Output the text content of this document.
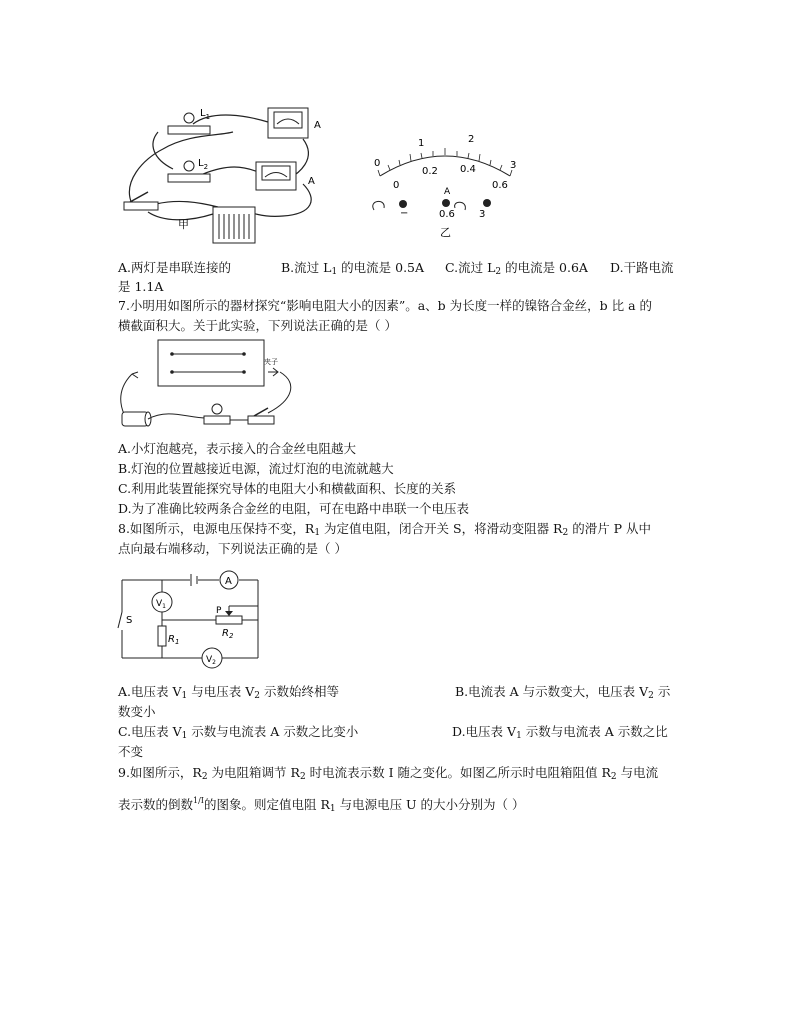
$L_1$
$L_2$
A
A
甲
0
1	2
3
0
0.2 0.4
0.6
−
A
0.6 3
乙
A.两灯是串联连接的	B.流过 $L_1$ 的电流是 0.5A C.流过 $L_2$ 的电流是 0.6A D.干路电流
是 1.1A
7.小明用如图所示的器材探究“影响电阻大小的因素”。a、b 为长度一样的镍铬合金丝，b 比 a 的
横截面积大。关于此实验，下列说法正确的是（ ）
夹子
A.小灯泡越亮，表示接入的合金丝电阻越大
B.灯泡的位置越接近电源，流过灯泡的电流就越大
C.利用此装置能探究导体的电阻大小和横截面积、长度的关系
D.为了准确比较两条合金丝的电阻，可在电路中串联一个电压表
8.如图所示，电源电压保持不变，$R_1$ 为定值电阻，闭合开关 S，将滑动变阻器 $R_2$ 的滑片 P 从中
点向最右端移动，下列说法正确的是（ ）
A
$V_1$
$V_2$
S
P
$R_1$
$R_2$
A.电压表 $V_1$ 与电压表 $V_2$ 示数始终相等	B.电流表 A 与示数变大，电压表 $V_2$ 示
数变小
C.电压表 $V_1$ 示数与电流表 A 示数之比变小	D.电压表 $V_1$ 示数与电流表 A 示数之比
不变
9.如图所示，$R_2$ 为电阻箱调节 $R_2$ 时电流表示数 I 随之变化。如图乙所示时电阻箱阻值 $R_2$ 与电流
表示数的倒数$^{1/I}$的图象。则定值电阻 $R_1$ 与电源电压 U 的大小分别为（ ）
